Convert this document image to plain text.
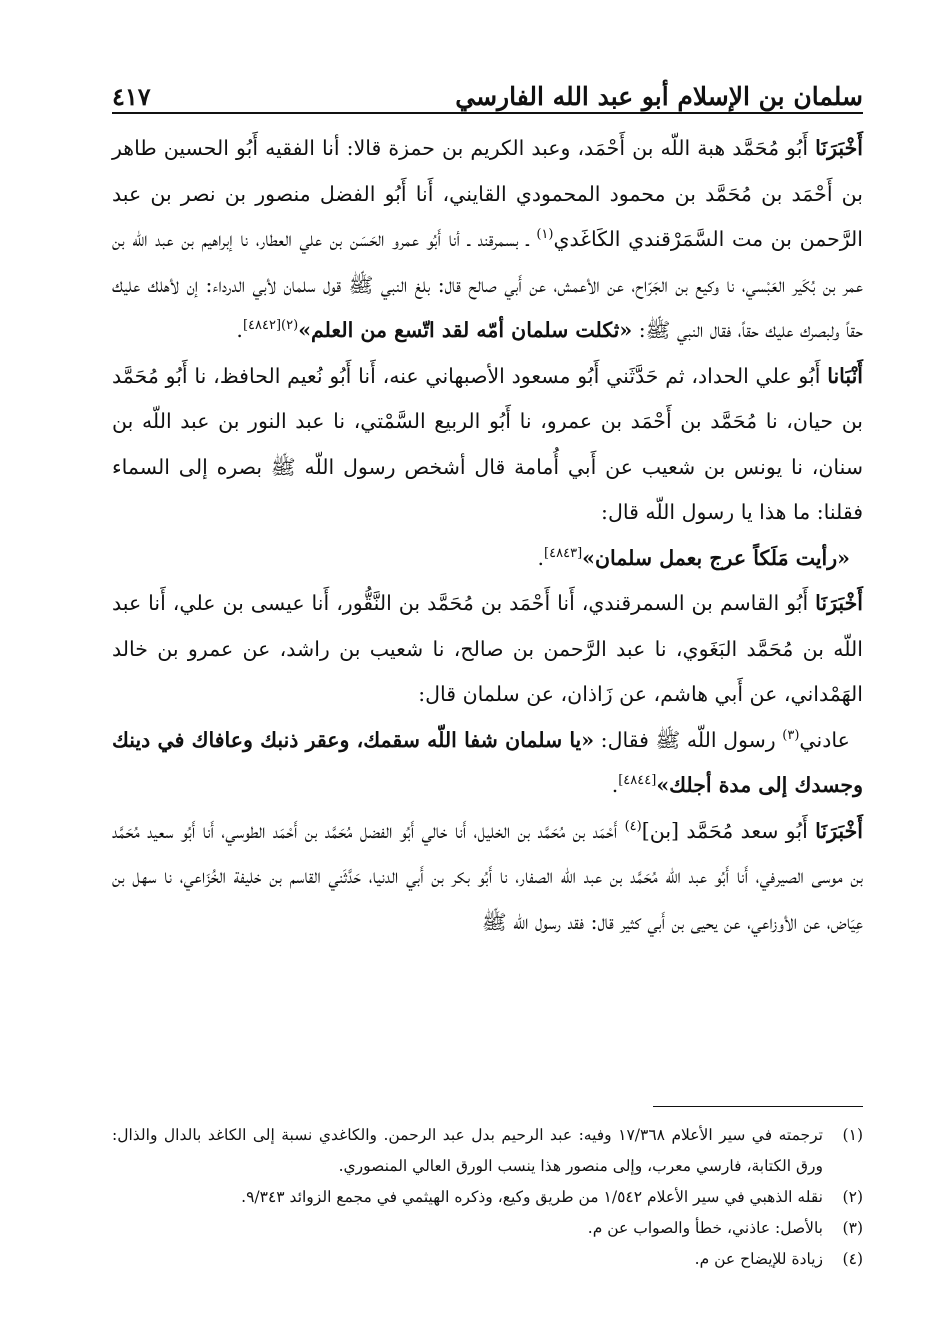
سلمان بن الإسلام أبو عبد الله الفارسي
٤١٧

أَخْبَرَنَا أَبُو مُحَمَّد هبة اللّه بن أَحْمَد، وعبد الكريم بن حمزة قالا: أنا الفقيه أَبُو الحسين طاهر بن أَحْمَد بن مُحَمَّد بن محمود المحمودي القايني، أَنا أَبُو الفضل منصور بن نصر بن عبد الرَّحمن بن مت السَّمَرْقندي الكَاغَدي$^{(١)}$ ـ بسمرقند ـ أنا أَبُو عمرو الحَسَن بن علي العطار، نا إبراهيم بن عبد اللّه بن عمر بن بُكَير العَبْسي، نا وكيع بن الجَرّاح، عن الأعمش، عن أَبي صالح قال: بلغ النبي ﷺ قول سلمان لأبي الدرداء: إن لأهلك عليك حقاً ولبصرك عليك حقاً، فقال النبي ﷺ: «ثكلت سلمان أمّه لقد اتّسع من العلم»$^{(٢)[٤٨٤٢]}$.

أَنْبَانا أَبُو علي الحداد، ثم حَدَّثَني أَبُو مسعود الأصبهاني عنه، أَنا أَبُو نُعيم الحافظ، نا أَبُو مُحَمَّد بن حيان، نا مُحَمَّد بن أَحْمَد بن عمرو، نا أَبُو الربيع السَّمْتي، نا عبد النور بن عبد اللّه بن سنان، نا يونس بن شعيب عن أَبي أُمامة قال أشخص رسول اللّه ﷺ بصره إلى السماء فقلنا: ما هذا يا رسول اللّه قال:

«رأيت مَلَكاً عرج بعمل سلمان»[٤٨٤٣].

أَخْبَرَنَا أَبُو القاسم بن السمرقندي، أَنا أَحْمَد بن مُحَمَّد بن النَّقُّور، أَنا عيسى بن علي، أَنا عبد اللّه بن مُحَمَّد البَغَوي، نا عبد الرَّحمن بن صالح، نا شعيب بن راشد، عن عمرو بن خالد الهَمْداني، عن أَبي هاشم، عن زَاذان، عن سلمان قال:

عادني$^{(٣)}$ رسول اللّه ﷺ فقال: «يا سلمان شفا اللّه سقمك، وعقر ذنبك وعافاك في دينك وجسدك إلى مدة أجلك»[٤٨٤٤].

أَخْبَرَنَا أَبُو سعد مُحَمَّد [بن]$^{(٤)}$ أَحْمَد بن مُحَمَّد بن الخليل، أَنا خالي أَبُو الفضل مُحَمَّد بن أَحْمَد الطوسي، أَنا أَبُو سعيد مُحَمَّد بن موسى الصيرفي، أَنا أَبُو عبد اللّه مُحَمَّد بن عبد اللّه الصفار، نا أَبُو بكر بن أَبي الدنيا، حَدَّثَني القاسم بن خليفة الخُزَاعي، نا سهل بن عِيَاض، عن الأوزاعي، عن يحيى بن أَبي كثير قال: فقد رسول اللّه ﷺ

(١)
ترجمته في سير الأعلام ١٧/٣٦٨ وفيه: عبد الرحيم بدل عبد الرحمن. والكاغدي نسبة إلى الكاغد بالدال والذال: ورق الكتابة، فارسي معرب، وإلى منصور هذا ينسب الورق العالي المنصوري.

(٢)
نقله الذهبي في سير الأعلام ١/٥٤٢ من طريق وكيع، وذكره الهيثمي في مجمع الزوائد ٩/٣٤٣.

(٣)
بالأصل: عاذني، خطأ والصواب عن م.

(٤)
زيادة للإيضاح عن م.
